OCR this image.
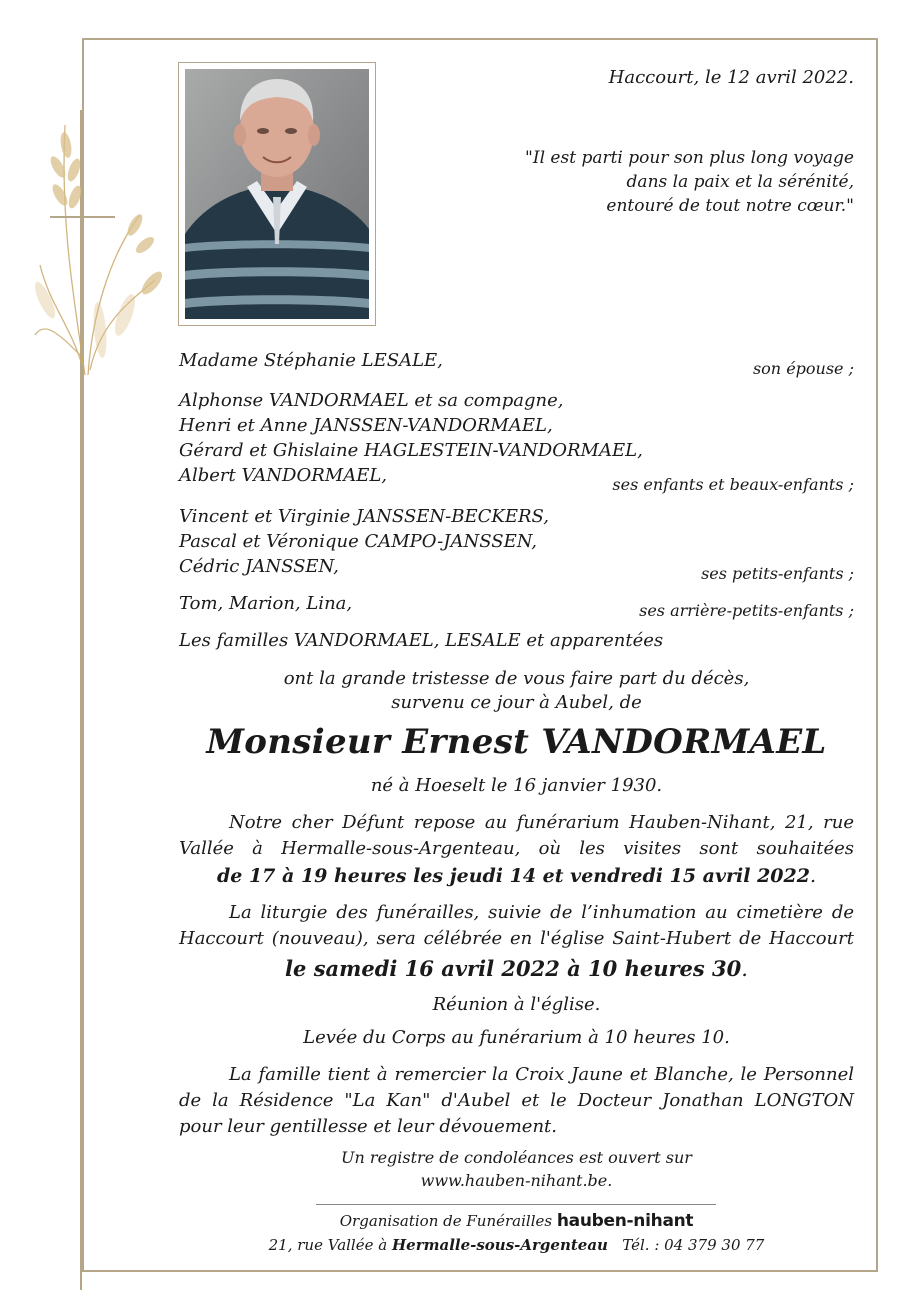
Haccourt, le 12 avril 2022.
"Il est parti pour son plus long voyage
dans la paix et la sérénité,
entouré de tout notre cœur."
Madame Stéphanie LESALE,	son épouse ;
Alphonse VANDORMAEL et sa compagne,
Henri et Anne JANSSEN-VANDORMAEL,
Gérard et Ghislaine HAGLESTEIN-VANDORMAEL,
Albert VANDORMAEL,	ses enfants et beaux-enfants ;
Vincent et Virginie JANSSEN-BECKERS,
Pascal et Véronique CAMPO-JANSSEN,
Cédric JANSSEN,	ses petits-enfants ;
Tom, Marion, Lina,	ses arrière-petits-enfants ;
Les familles VANDORMAEL, LESALE et apparentées
ont la grande tristesse de vous faire part du décès,
survenu ce jour à Aubel, de
Monsieur Ernest VANDORMAEL
né à Hoeselt le 16 janvier 1930.
Notre cher Défunt repose au funérarium Hauben-Nihant, 21, rue
Vallée à Hermalle-sous-Argenteau, où les visites sont souhaitées
de 17 à 19 heures les jeudi 14 et vendredi 15 avril 2022.
La liturgie des funérailles, suivie de l’inhumation au cimetière de
Haccourt (nouveau), sera célébrée en l'église Saint-Hubert de Haccourt
le samedi 16 avril 2022 à 10 heures 30.
Réunion à l'église.
Levée du Corps au funérarium à 10 heures 10.
La famille tient à remercier la Croix Jaune et Blanche, le Personnel
de la Résidence "La Kan" d'Aubel et le Docteur Jonathan LONGTON
pour leur gentillesse et leur dévouement.
Un registre de condoléances est ouvert sur
www.hauben-nihant.be.
Organisation de Funérailles hauben-nihant
21, rue Vallée à Hermalle-sous-Argenteau Tél. : 04 379 30 77
